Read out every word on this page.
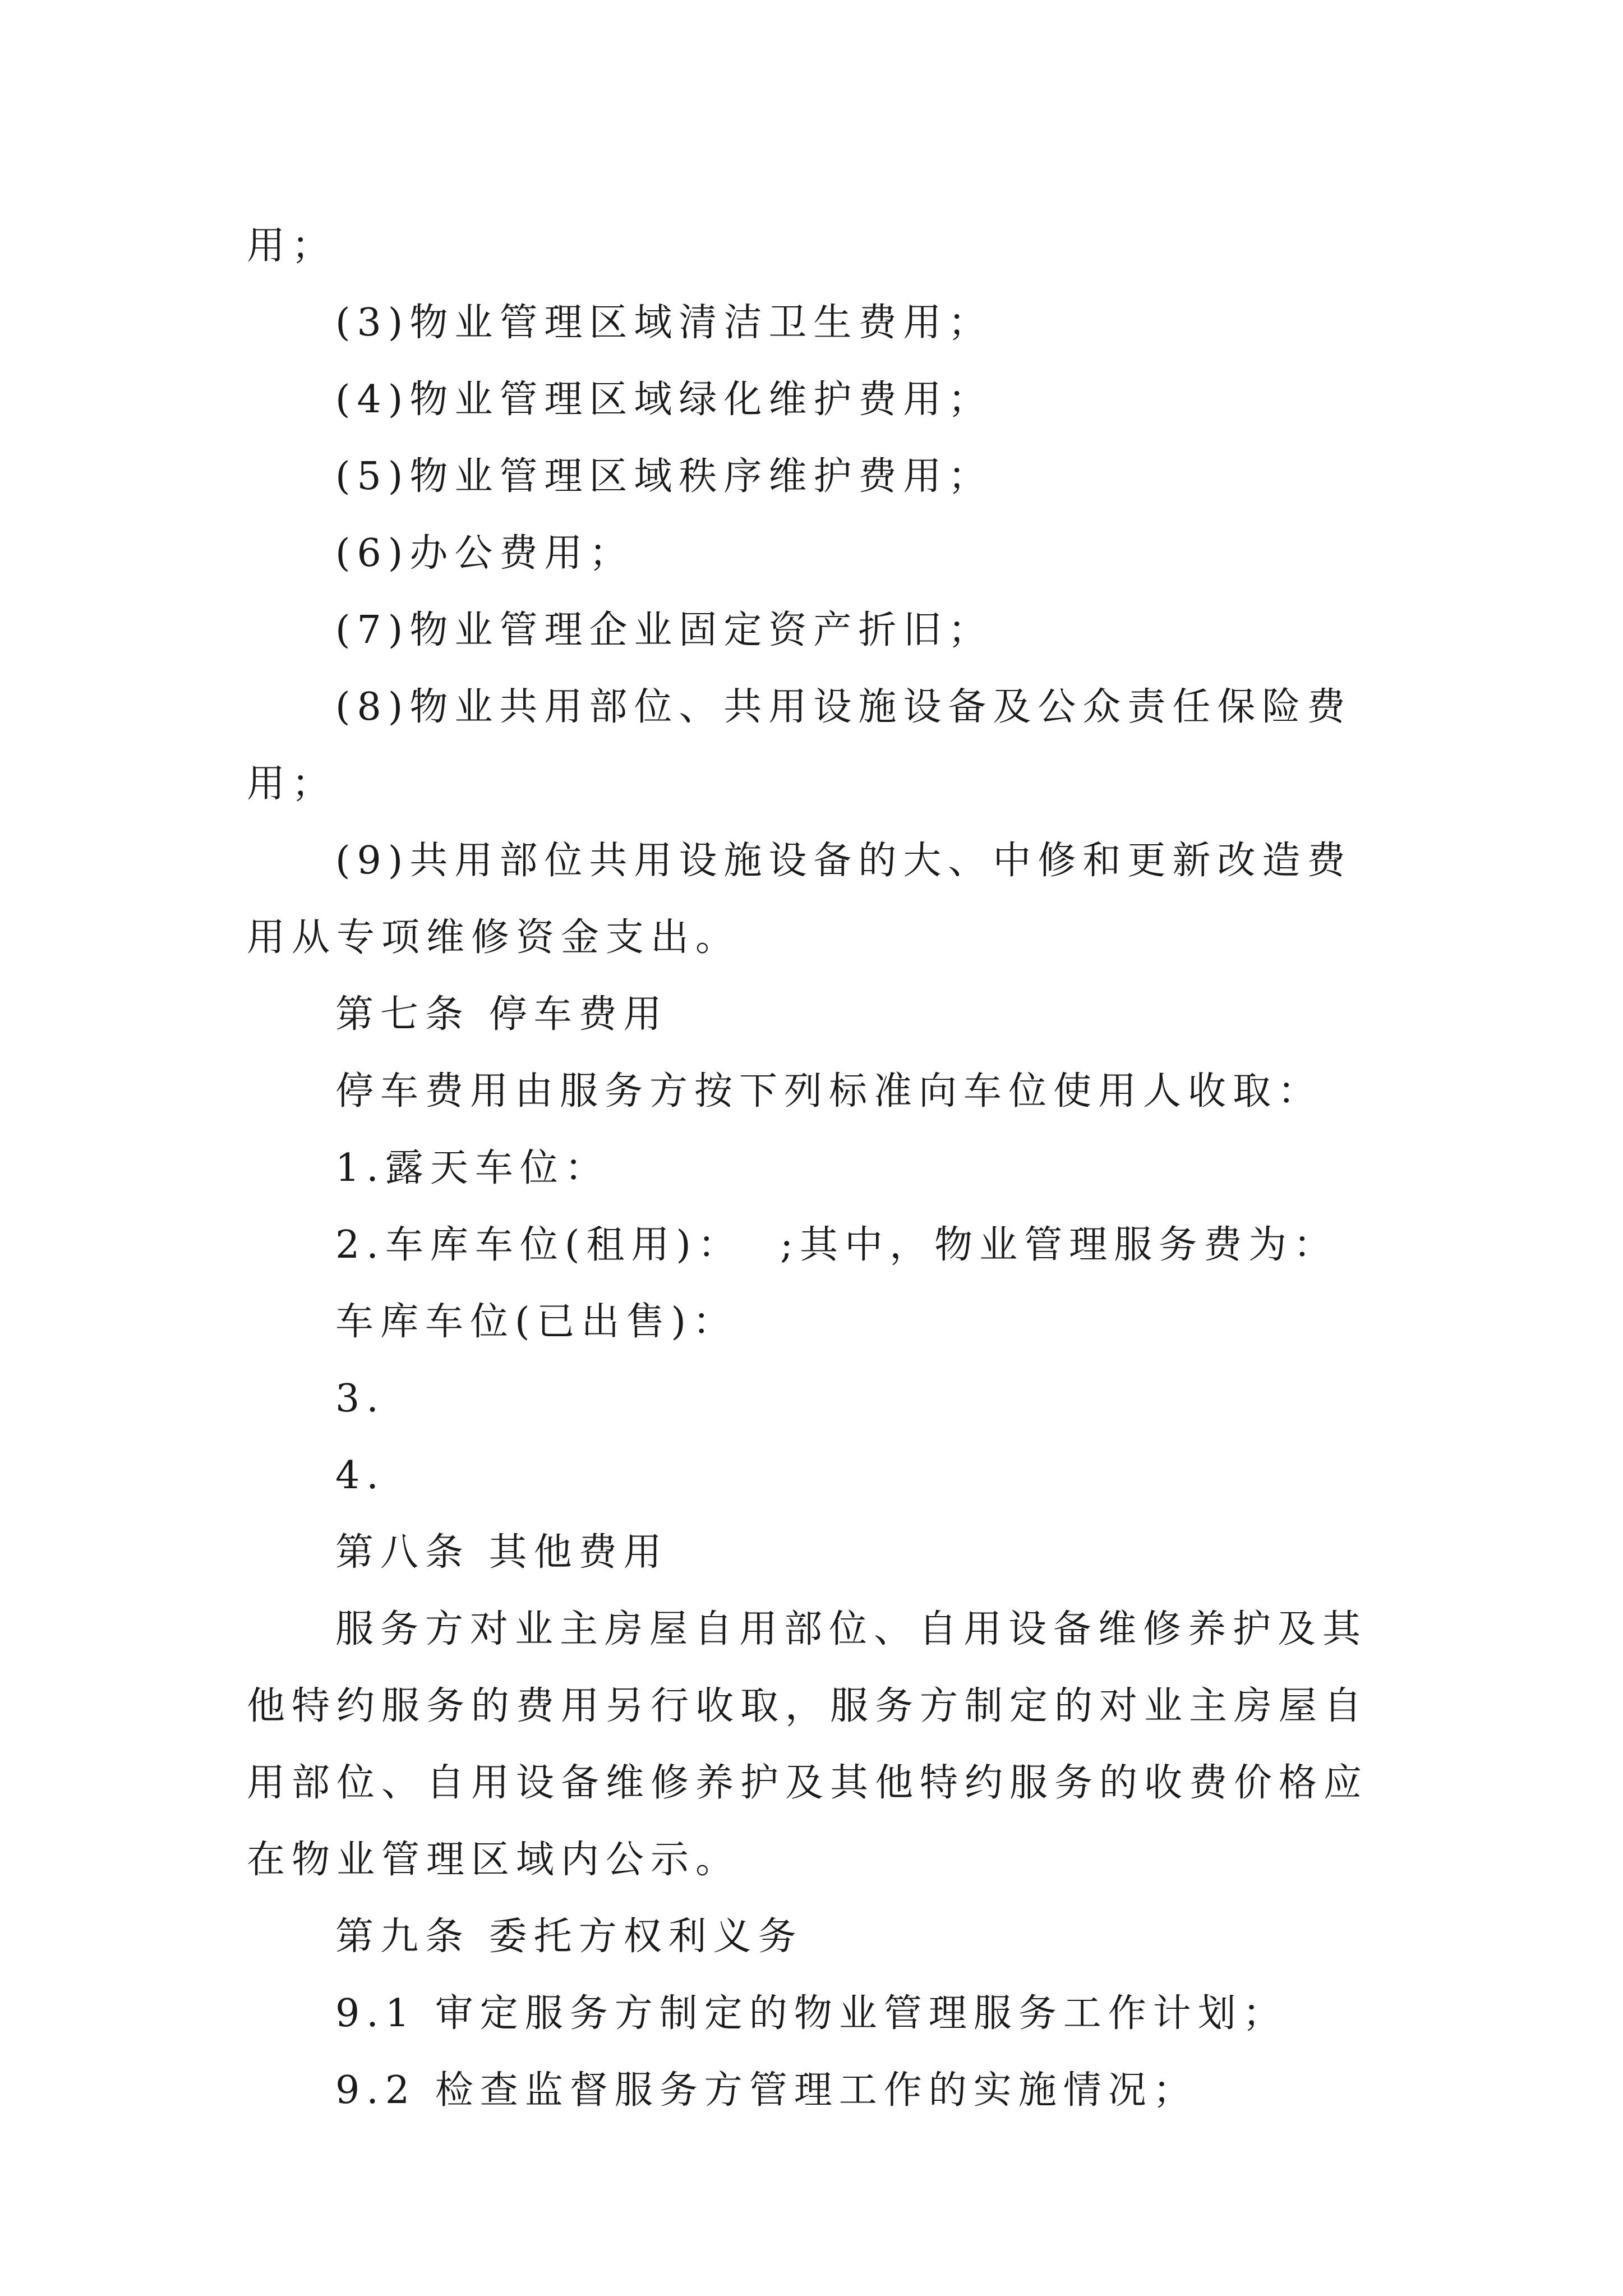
用；

(3)物业管理区域清洁卫生费用；

(4)物业管理区域绿化维护费用；

(5)物业管理区域秩序维护费用；

(6)办公费用；

(7)物业管理企业固定资产折旧；

(8)物业共用部位、共用设施设备及公众责任保险费用；

(9)共用部位共用设施设备的大、中修和更新改造费用从专项维修资金支出。

第七条 停车费用

停车费用由服务方按下列标准向车位使用人收取：

1.露天车位：

2.车库车位(租用)：  ;其中，物业管理服务费为：

车库车位(已出售)：

3.

4.

第八条 其他费用

服务方对业主房屋自用部位、自用设备维修养护及其他特约服务的费用另行收取，服务方制定的对业主房屋自用部位、自用设备维修养护及其他特约服务的收费价格应在物业管理区域内公示。

第九条 委托方权利义务

9.1 审定服务方制定的物业管理服务工作计划；

9.2 检查监督服务方管理工作的实施情况；
